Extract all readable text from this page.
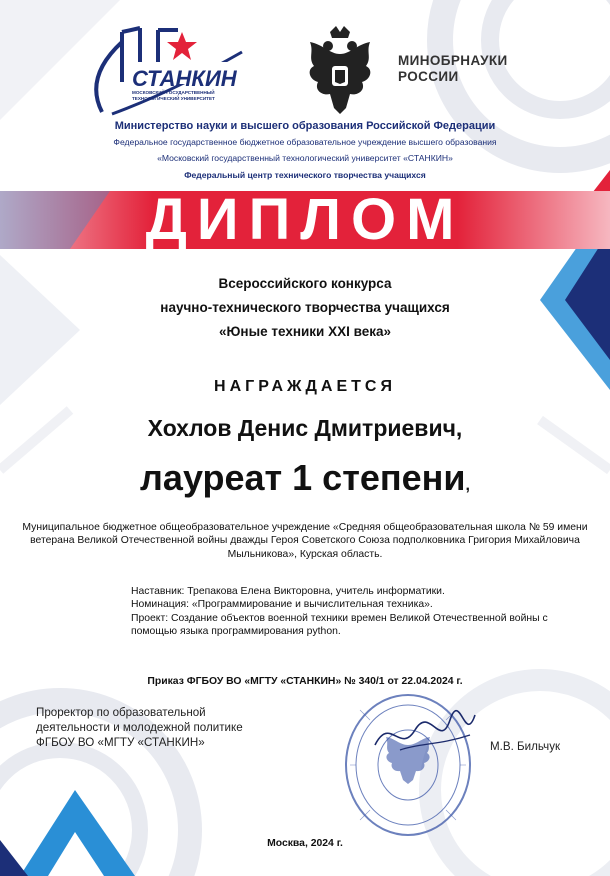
СТАНКИН
МОСКОВСКИЙ ГОСУДАРСТВЕННЫЙ ТЕХНОЛОГИЧЕСКИЙ УНИВЕРСИТЕТ
МИНОБРНАУКИ
РОССИИ
Министерство науки и высшего образования Российской Федерации
Федеральное государственное бюджетное образовательное учреждение высшего образования
«Московский государственный технологический университет «СТАНКИН»
Федеральный центр технического творчества учащихся
ДИПЛОМ
Всероссийского конкурса
научно-технического творчества учащихся
«Юные техники XXI века»
НАГРАЖДАЕТСЯ
Хохлов Денис Дмитриевич,
лауреат 1 степени,
Муниципальное бюджетное общеобразовательное учреждение «Средняя общеобразовательная школа № 59 имени ветерана Великой Отечественной войны дважды Героя Советского Союза подполковника Григория Михайловича Мыльникова», Курская область.
Наставник: Трепакова Елена Викторовна, учитель информатики.
Номинация: «Программирование и вычислительная техника».
Проект: Создание объектов военной техники времен Великой Отечественной войны с
помощью языка программирования python.
Приказ ФГБОУ ВО «МГТУ «СТАНКИН» № 340/1 от 22.04.2024 г.
Проректор по образовательной
деятельности и молодежной политике
ФГБОУ ВО «МГТУ «СТАНКИН»	М.В. Бильчук
Москва, 2024 г.
